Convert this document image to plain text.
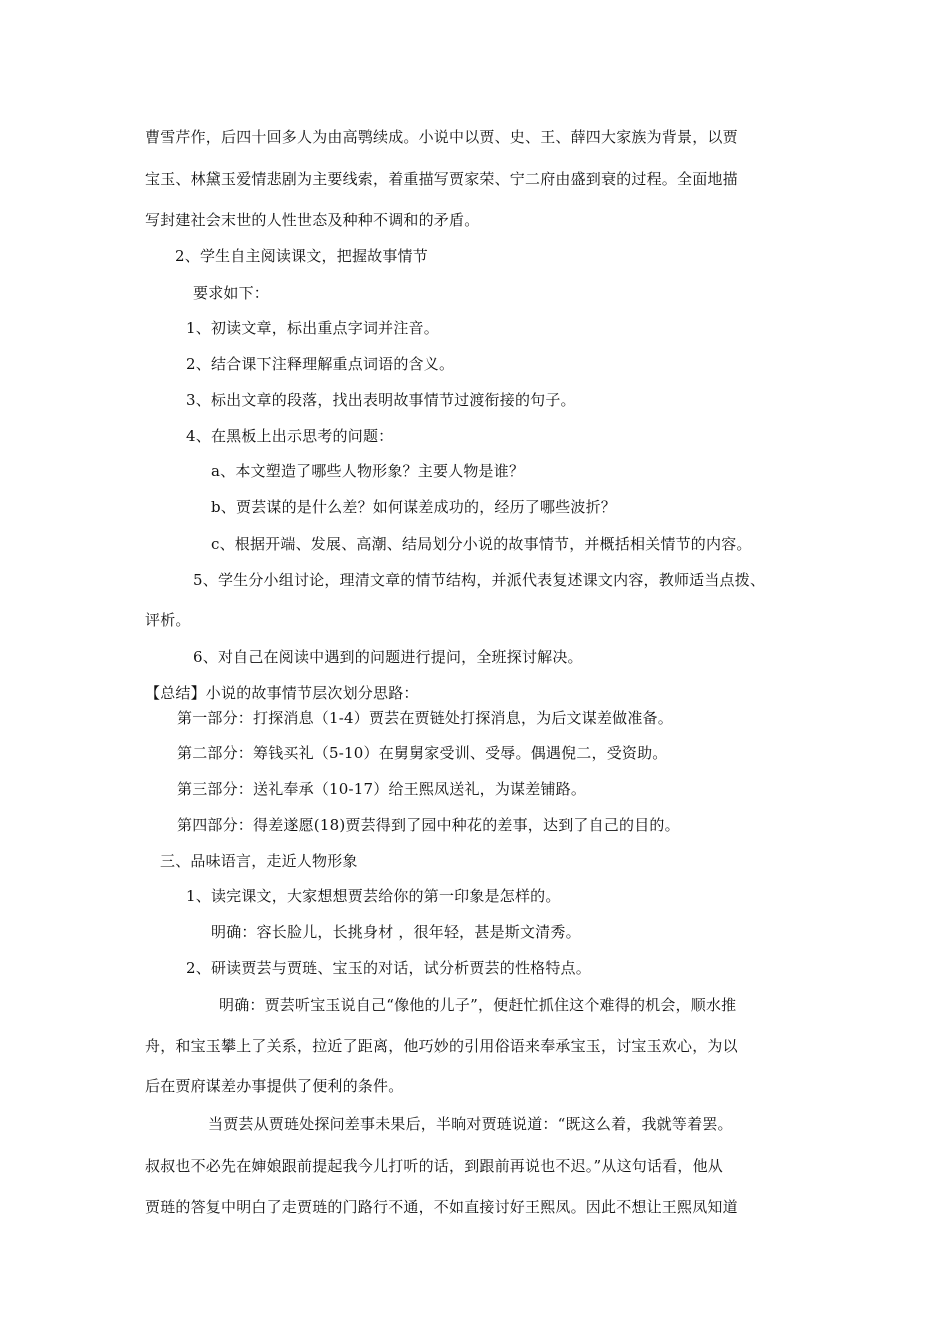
曹雪芹作，后四十回多人为由高鹗续成。小说中以贾、史、王、薛四大家族为背景，以贾
宝玉、林黛玉爱情悲剧为主要线索，着重描写贾家荣、宁二府由盛到衰的过程。全面地描
写封建社会末世的人性世态及种种不调和的矛盾。
2、学生自主阅读课文，把握故事情节
要求如下：
1、初读文章，标出重点字词并注音。
2、结合课下注释理解重点词语的含义。
3、标出文章的段落，找出表明故事情节过渡衔接的句子。
4、在黑板上出示思考的问题：
a、本文塑造了哪些人物形象？主要人物是谁？
b、贾芸谋的是什么差？如何谋差成功的，经历了哪些波折？
c、根据开端、发展、高潮、结局划分小说的故事情节，并概括相关情节的内容。
5、学生分小组讨论，理清文章的情节结构，并派代表复述课文内容，教师适当点拨、
评析。
6、对自己在阅读中遇到的问题进行提问，全班探讨解决。
【总结】小说的故事情节层次划分思路：
第一部分：打探消息（1-4）贾芸在贾链处打探消息，为后文谋差做准备。
第二部分：筹钱买礼（5-10）在舅舅家受训、受辱。偶遇倪二，受资助。
第三部分：送礼奉承（10-17）给王熙凤送礼，为谋差铺路。
第四部分：得差遂愿(18)贾芸得到了园中种花的差事，达到了自己的目的。
三、品味语言，走近人物形象
1、读完课文，大家想想贾芸给你的第一印象是怎样的。
明确：容长脸儿，长挑身材 ，很年轻，甚是斯文清秀。
2、研读贾芸与贾琏、宝玉的对话，试分析贾芸的性格特点。
明确：贾芸听宝玉说自己“像他的儿子”，便赶忙抓住这个难得的机会，顺水推
舟，和宝玉攀上了关系，拉近了距离，他巧妙的引用俗语来奉承宝玉，讨宝玉欢心，为以
后在贾府谋差办事提供了便利的条件。
当贾芸从贾琏处探问差事未果后，半晌对贾琏说道：“既这么着，我就等着罢。
叔叔也不必先在婶娘跟前提起我今儿打听的话，到跟前再说也不迟。”从这句话看，他从
贾琏的答复中明白了走贾琏的门路行不通，不如直接讨好王熙凤。因此不想让王熙凤知道
